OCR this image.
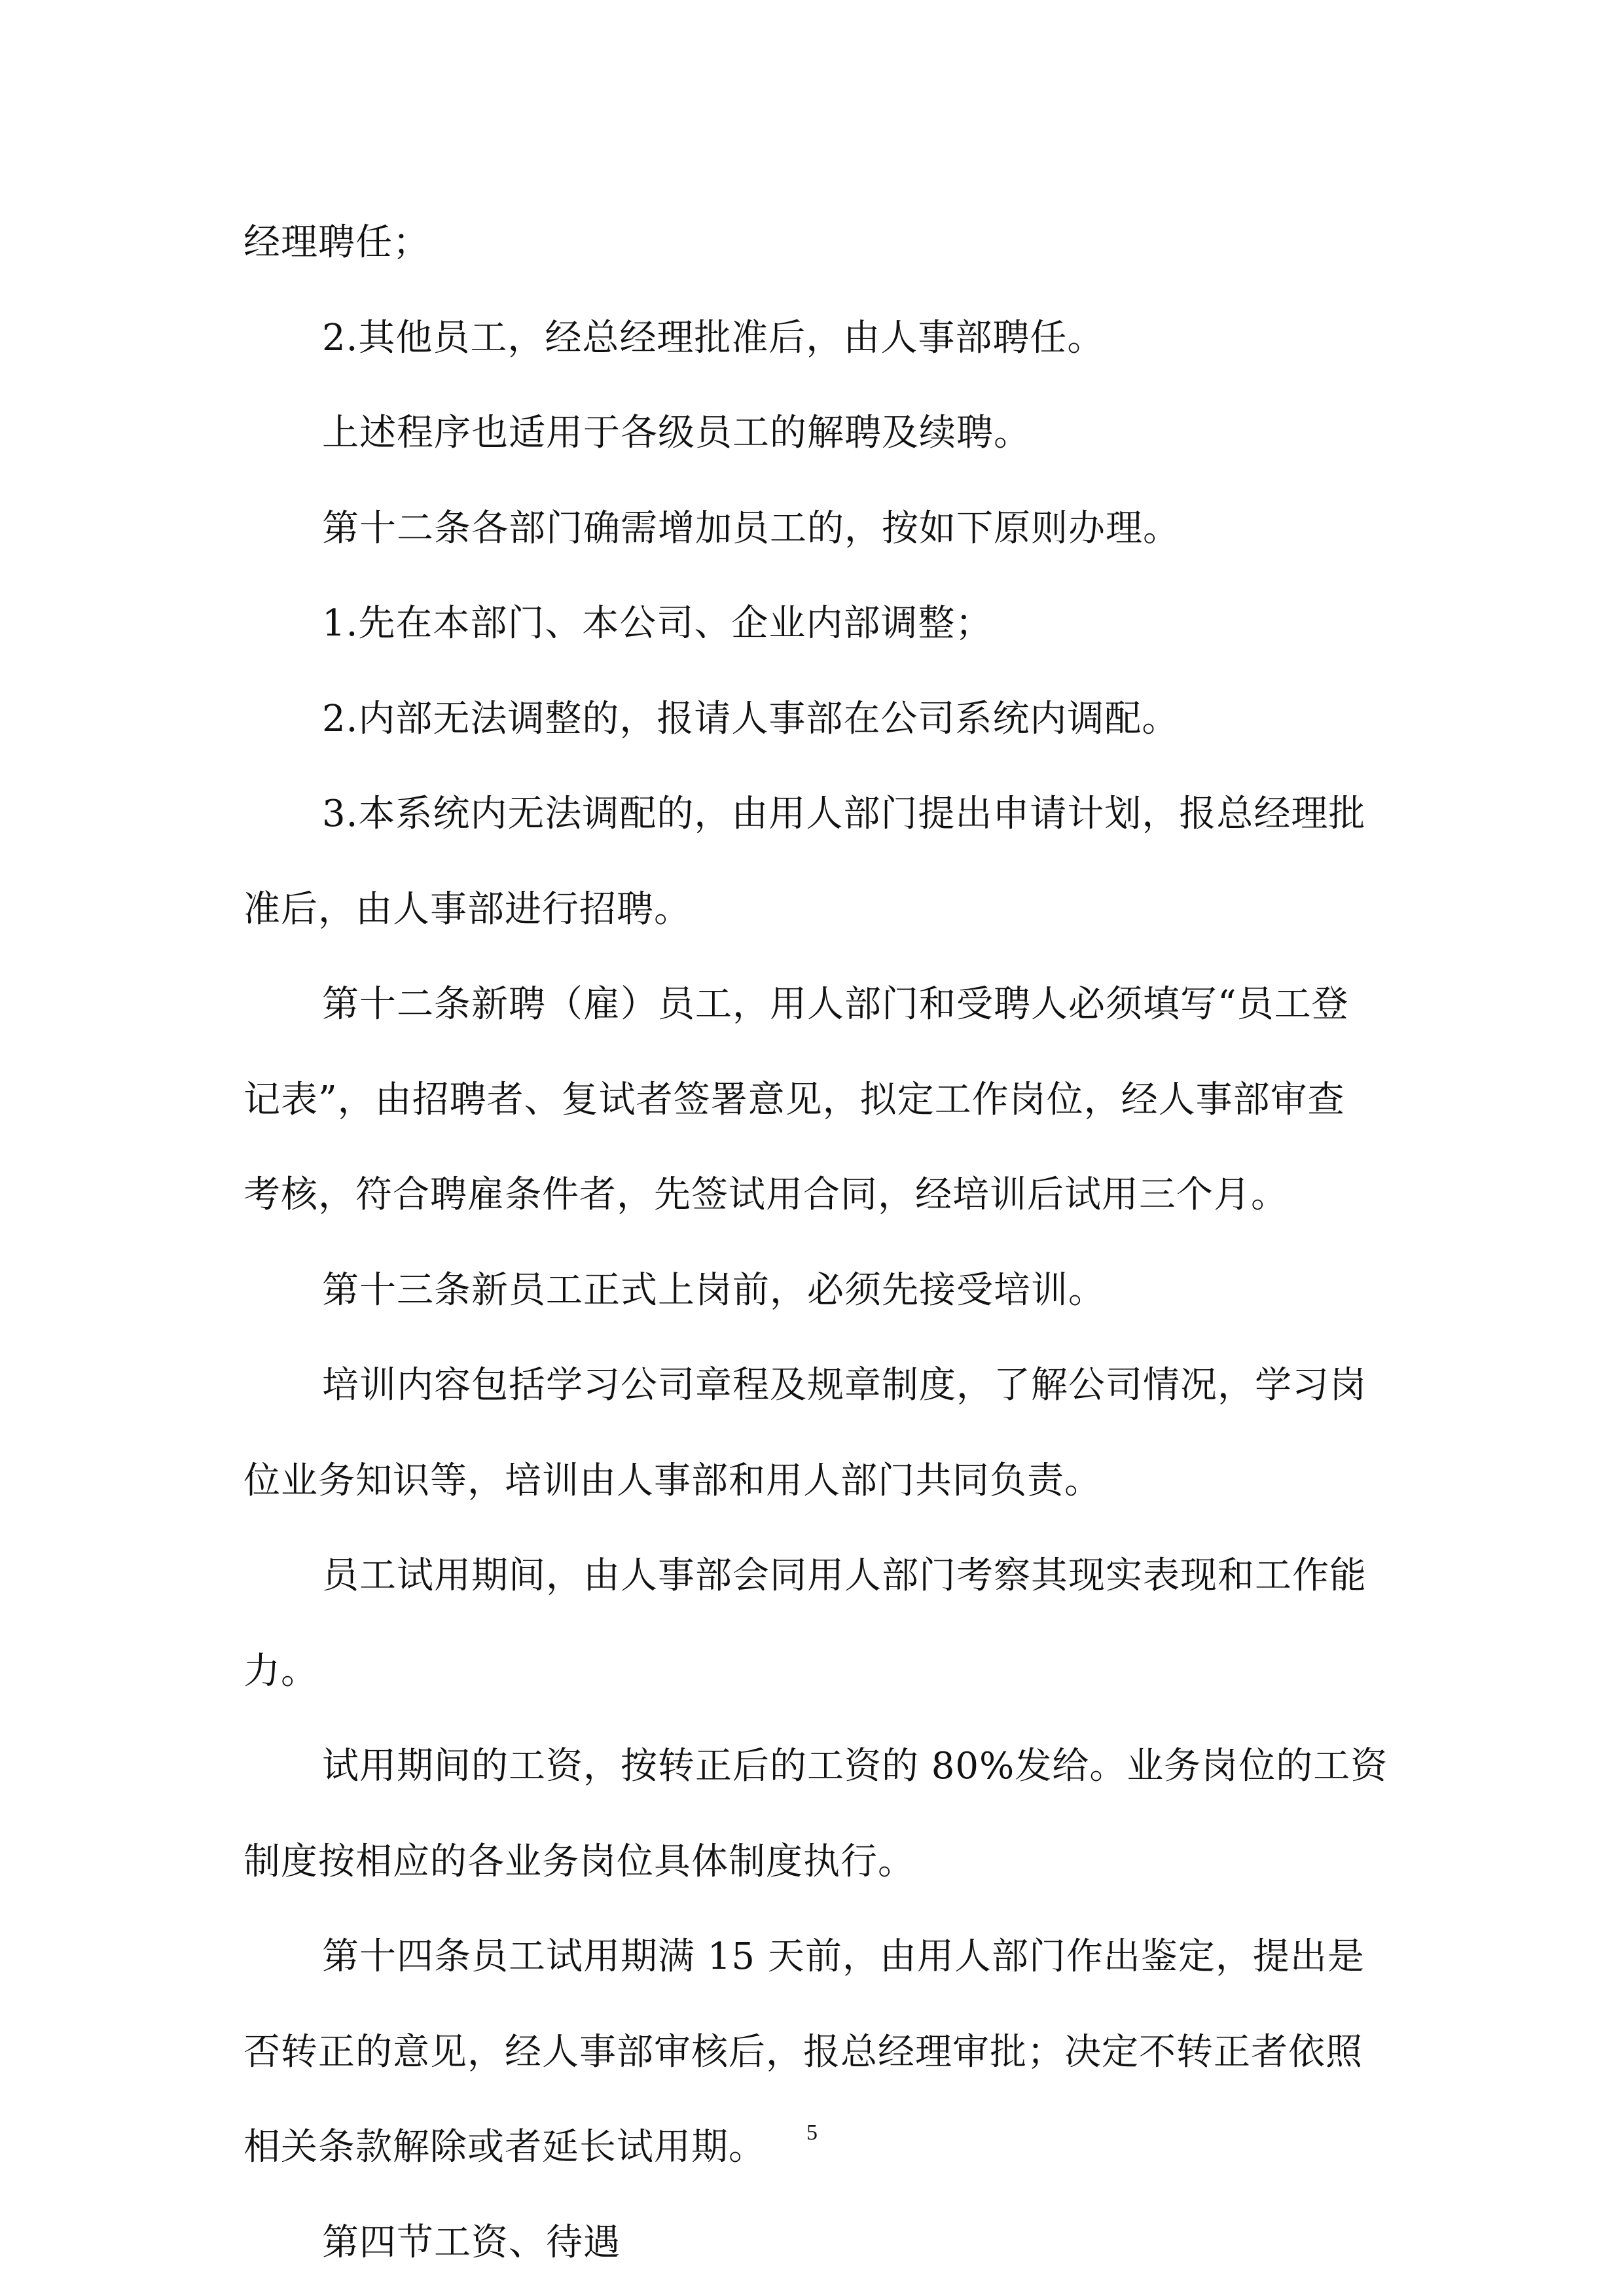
经理聘任；
2.其他员工，经总经理批准后，由人事部聘任。
上述程序也适用于各级员工的解聘及续聘。
第十二条各部门确需增加员工的，按如下原则办理。
1.先在本部门、本公司、企业内部调整；
2.内部无法调整的，报请人事部在公司系统内调配。
3.本系统内无法调配的，由用人部门提出申请计划，报总经理批
准后，由人事部进行招聘。
第十二条新聘（雇）员工，用人部门和受聘人必须填写“员工登
记表”，由招聘者、复试者签署意见，拟定工作岗位，经人事部审查
考核，符合聘雇条件者，先签试用合同，经培训后试用三个月。
第十三条新员工正式上岗前，必须先接受培训。
培训内容包括学习公司章程及规章制度，了解公司情况，学习岗
位业务知识等，培训由人事部和用人部门共同负责。
员工试用期间，由人事部会同用人部门考察其现实表现和工作能
力。
试用期间的工资，按转正后的工资的 80%发给。业务岗位的工资
制度按相应的各业务岗位具体制度执行。
第十四条员工试用期满 15 天前，由用人部门作出鉴定，提出是
否转正的意见，经人事部审核后，报总经理审批；决定不转正者依照
相关条款解除或者延长试用期。
第四节工资、待遇
5
